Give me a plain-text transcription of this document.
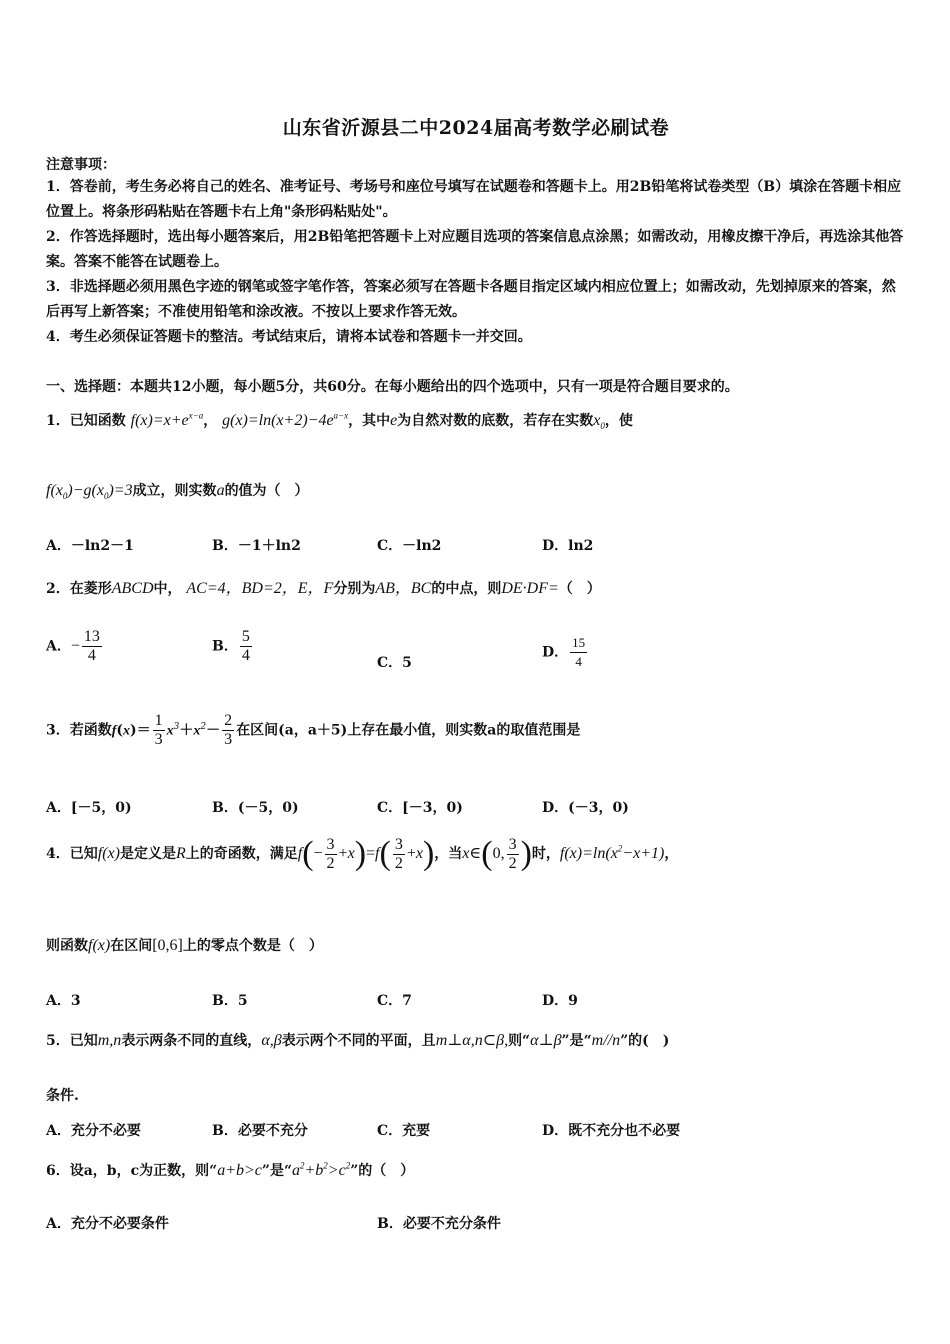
山东省沂源县二中2024届高考数学必刷试卷
注意事项：
1．答卷前，考生务必将自己的姓名、准考证号、考场号和座位号填写在试题卷和答题卡上。用2B铅笔将试卷类型（B）填涂在答题卡相应位置上。将条形码粘贴在答题卡右上角"条形码粘贴处"。
2．作答选择题时，选出每小题答案后，用2B铅笔把答题卡上对应题目选项的答案信息点涂黑；如需改动，用橡皮擦干净后，再选涂其他答案。答案不能答在试题卷上。
3．非选择题必须用黑色字迹的钢笔或签字笔作答，答案必须写在答题卡各题目指定区域内相应位置上；如需改动，先划掉原来的答案，然后再写上新答案；不准使用铅笔和涂改液。不按以上要求作答无效。
4．考生必须保证答题卡的整洁。考试结束后，请将本试卷和答题卡一并交回。
一、选择题：本题共12小题，每小题5分，共60分。在每小题给出的四个选项中，只有一项是符合题目要求的。
1．已知函数 $f(x)=x+e^{x-a}$， $g(x)=\ln(x+2)-4e^{a-x}$，其中e为自然对数的底数，若存在实数$x_0$，使
$f(x_0)-g(x_0)=3$成立，则实数a的值为（　）
A．－ln2－1	B．－1＋ln2	C．－ln2	D．ln2
2．在菱形ABCD中， AC=4，BD=2，E，F分别为AB，BC的中点，则DE·DF=（　）
A．− $\frac{13}{4}$	B． $\frac{5}{4}$	C．5
D． $\frac{15}{4}$
3．若函数$f(x)= \frac{1}{3} x^3+x^2- \frac{2}{3}$ 在区间(a，a＋5)上存在最小值，则实数a的取值范围是
A．[－5，0)	B．(－5，0)	C．[－3，0)	D．(－3，0)
4．已知f(x)是定义是R上的奇函数，满足$f(- \frac{3}{2} +x)=f( \frac{3}{2} +x)$，当x∈(0, $\frac{3}{2}$ )时，$f(x)=\ln(x^2-x+1)$，
则函数f(x)在区间[0,6]上的零点个数是（　）
A．3	B．5	C．7	D．9
5．已知m,n表示两条不同的直线，α,β表示两个不同的平面，且m⊥α,n⊂β,则“α⊥β”是“m//n”的(　)
条件.
A．充分不必要	B．必要不充分	C．充要	D．既不充分也不必要
6．设a，b，c为正数，则“a+b>c”是“$a^2+b^2>c^2$”的（　）
A．充分不必要条件	B．必要不充分条件
